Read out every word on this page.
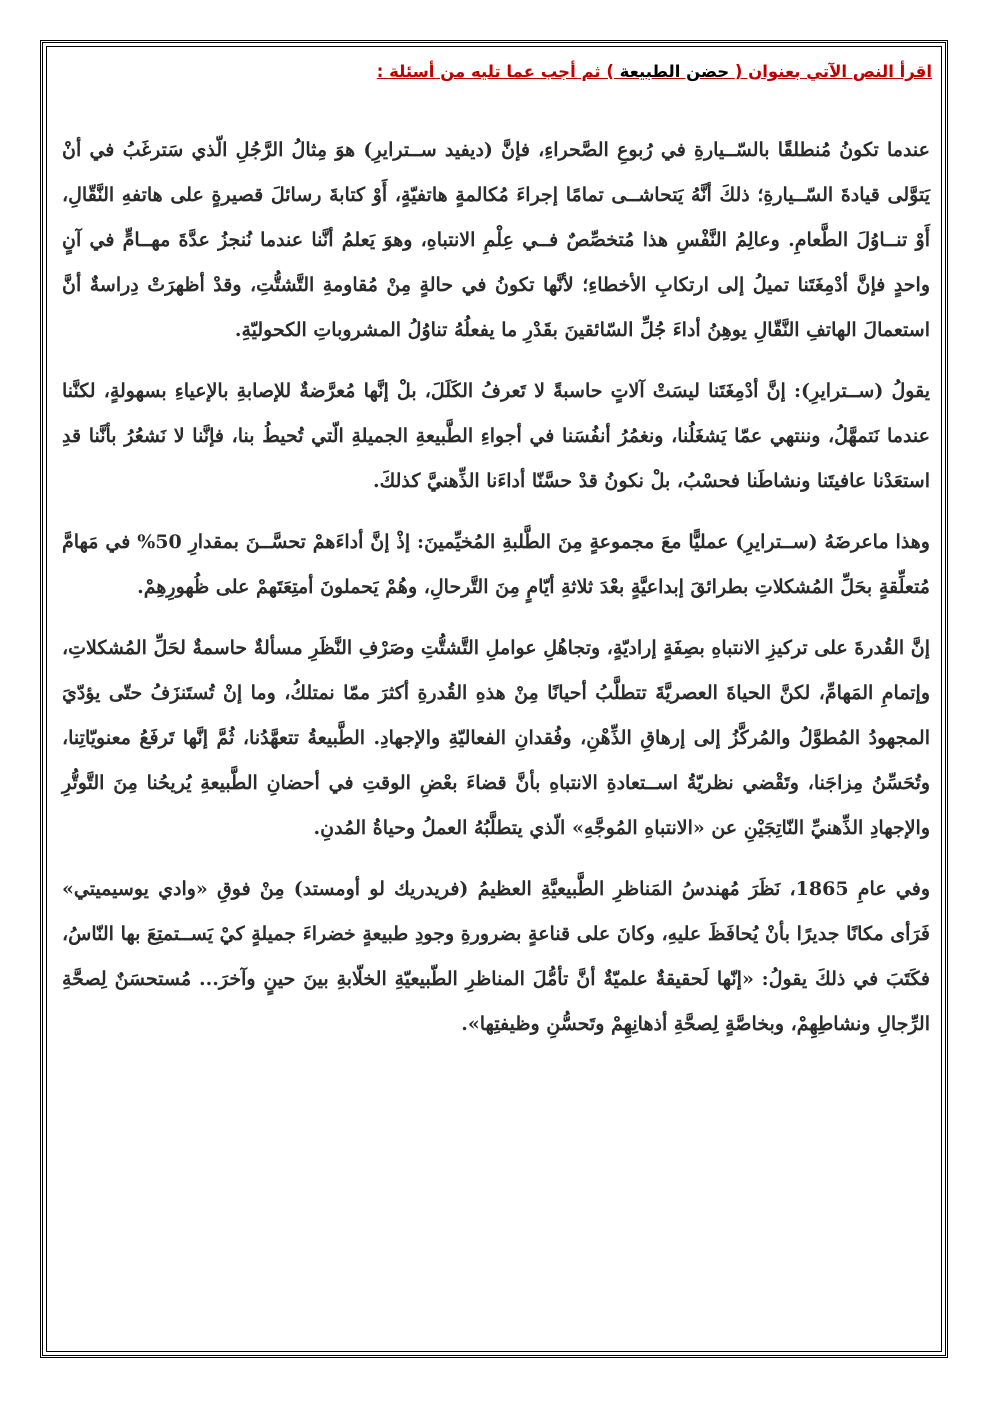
اقرأ النص الآتي بعنوان ( حضن الطبيعة ) ثم أجب عما تليه من أسئلة :

عندما تكونُ مُنطلقًا بالسّــيارةِ في رُبوعِ الصَّحراءِ، فإنَّ (ديفيد ســترايرِ) هوَ مِثالُ الرَّجُلِ الّذي سَترغَبُ في أنْ يَتوَّلى قيادةَ السّــيارةِ؛ ذلكَ أنَّهُ يَتحاشــى تمامًا إجراءَ مُكالمةٍ هاتفيّةٍ، أَوْ كتابةَ رسائلَ قصيرةٍ على هاتفهِ النَّقّالِ، أَوْ تنــاوُلَ الطَّعامِ. وعالِمُ النَّفْسِ هذا مُتخصِّصٌ فــي عِلْمِ الانتباهِ، وهوَ يَعلمُ أنَّنا عندما نُنجزُ عدَّةَ مهــامٍّ في آنٍ واحدٍ فإنَّ أدْمِغَتَنا تميلُ إلى ارتكابِ الأخطاءِ؛ لأنَّها تكونُ في حالةٍ مِنْ مُقاومةِ التَّشتُّتِ، وقدْ أظهرَتْ دِراسةٌ أنَّ استعمالَ الهاتفِ النَّقّالِ يوهِنُ أداءَ جُلِّ السّائقينَ بقَدْرِ ما يفعلُهُ تناوُلُ المشروباتِ الكحوليّةِ.

يقولُ (ســترايرِ): إنَّ أدْمِغَتَنا ليسَتْ آلاتٍ حاسبةً لا تَعرفُ الكَلَلَ، بلْ إنَّها مُعرَّضةٌ للإصابةِ بالإعياءِ بسهولةٍ، لكنَّنا عندما نَتمهَّلُ، وننتهي عمّا يَشغَلُنا، ونغمُرُ أنفُسَنا في أجواءِ الطَّبيعةِ الجميلةِ الّتي تُحيطُ بنا، فإنَّنا لا نَشعُرُ بأنَّنا قدِ استعَدْنا عافيتَنا ونشاطَنا فحسْبُ، بلْ نكونُ قدْ حسَّنّا أداءَنا الذِّهنيَّ كذلكَ.

وهذا ماعرضَهُ (ســترايرِ) عمليًّا معَ مجموعةٍ مِنَ الطَّلبةِ المُخيِّمينَ: إذْ إنَّ أداءَهمْ تحسَّــنَ بمقدارِ 50% في مَهامَّ مُتعلِّقةٍ بحَلِّ المُشكلاتِ بطرائقَ إبداعيَّةٍ بعْدَ ثلاثةِ أيّامٍ مِنَ التَّرحالِ، وهُمْ يَحملونَ أمتِعَتَهمْ على ظُهورِهِمْ.

إنَّ القُدرةَ على تركيزِ الانتباهِ بصِفَةٍ إراديّةٍ، وتجاهُلِ عواملِ التَّشتُّتِ وصَرْفِ النَّظَرِ مسألةٌ حاسمةٌ لحَلِّ المُشكلاتِ، وإتمامِ المَهامِّ، لكنَّ الحياةَ العصريَّةَ تتطلَّبُ أحيانًا مِنْ هذهِ القُدرةِ أكثرَ ممّا نمتلكُ، وما إنْ تُستَنزَفُ حتّى يؤدّيَ المجهودُ المُطوَّلُ والمُركَّزُ إلى إرهاقِ الذِّهْنِ، وفُقدانِ الفعاليّةِ والإجهادِ. الطَّبيعةُ تتعهَّدُنا، ثُمَّ إنَّها تَرفَعُ معنويّاتِنا، وتُحَسِّنُ مِزاجَنا، وتَقْضي نظريّةُ اســتعادةِ الانتباهِ بأنَّ قضاءَ بعْضِ الوقتِ في أحضانِ الطَّبيعةِ يُريحُنا مِنَ التَّوتُّرِ والإجهادِ الذِّهنيِّ النّاتِجَيْنِ عن «الانتباهِ المُوجَّهِ» الّذي يتطلَّبُهُ العملُ وحياةُ المُدنِ.

وفي عامِ 1865، نَظَرَ مُهندسُ المَناظرِ الطَّبيعيَّةِ العظيمُ (فريدريك لو أومستد) مِنْ فوقِ «وادي يوسيميتي» فَرَأى مكانًا جديرًا بأنْ يُحافَظَ عليهِ، وكانَ على قناعةٍ بضرورةِ وجودِ طبيعةٍ خضراءَ جميلةٍ كيْ يَســتمتِعَ بها النّاسُ، فكَتَبَ في ذلكَ يقولُ: «إنّها لَحقيقةٌ علميّةٌ أنَّ تأمُّلَ المناظرِ الطّبيعيّةِ الخلّابةِ بينَ حينٍ وآخرَ... مُستحسَنٌ لِصحَّةِ الرِّجالِ ونشاطِهِمْ، وبخاصَّةٍ لِصحَّةِ أذهانِهِمْ وتَحسُّنِ وظيفتِها».
